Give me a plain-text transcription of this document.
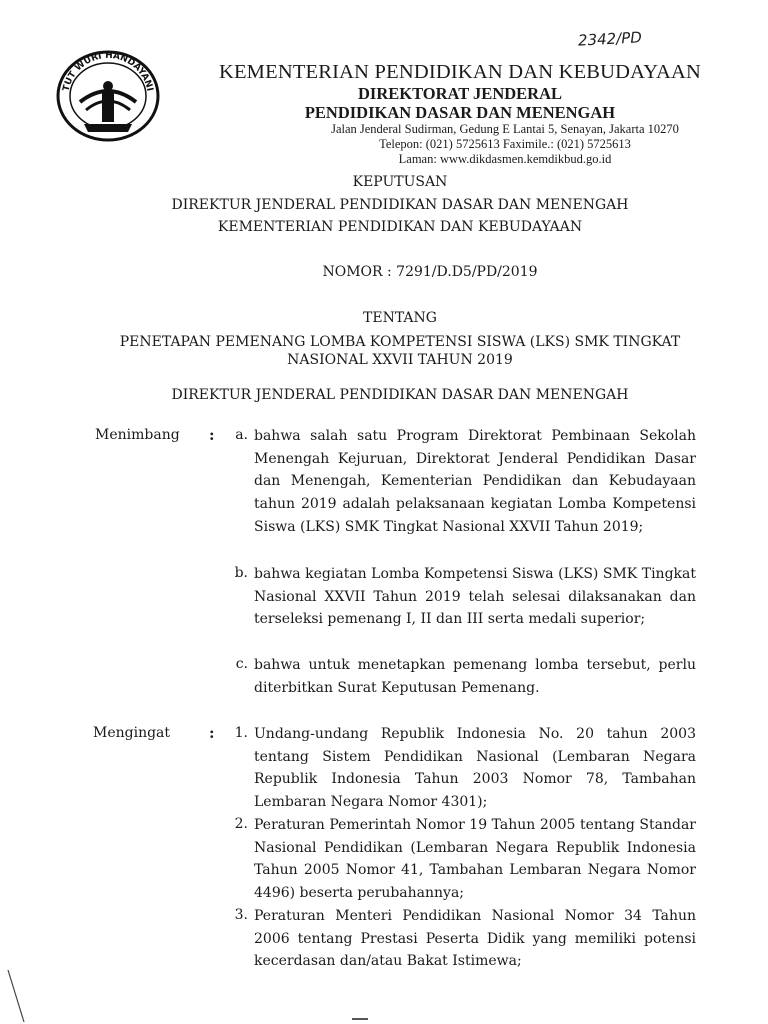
2342/PD
TUT WURI HANDAYANI
KEMENTERIAN PENDIDIKAN DAN KEBUDAYAAN
DIREKTORAT JENDERAL
PENDIDIKAN DASAR DAN MENENGAH
Jalan Jenderal Sudirman, Gedung E Lantai 5, Senayan, Jakarta 10270
Telepon: (021) 5725613 Faximile.: (021) 5725613
Laman: www.dikdasmen.kemdikbud.go.id
KEPUTUSAN
DIREKTUR JENDERAL PENDIDIKAN DASAR DAN MENENGAH
KEMENTERIAN PENDIDIKAN DAN KEBUDAYAAN
NOMOR : 7291/D.D5/PD/2019
TENTANG
PENETAPAN PEMENANG LOMBA KOMPETENSI SISWA (LKS) SMK TINGKAT
NASIONAL XXVII TAHUN 2019
DIREKTUR JENDERAL PENDIDIKAN DASAR DAN MENENGAH
Menimbang :	a. bahwa salah satu Program Direktorat Pembinaan Sekolah Menengah Kejuruan, Direktorat Jenderal Pendidikan Dasar dan Menengah, Kementerian Pendidikan dan Kebudayaan tahun 2019 adalah pelaksanaan kegiatan Lomba Kompetensi Siswa (LKS) SMK Tingkat Nasional XXVII Tahun 2019;
b. bahwa kegiatan Lomba Kompetensi Siswa (LKS) SMK Tingkat Nasional XXVII Tahun 2019 telah selesai dilaksanakan dan terseleksi pemenang I, II dan III serta medali superior;
c. bahwa untuk menetapkan pemenang lomba tersebut, perlu diterbitkan Surat Keputusan Pemenang.
Mengingat	:	1. Undang-undang Republik Indonesia No. 20 tahun 2003 tentang Sistem Pendidikan Nasional (Lembaran Negara Republik Indonesia Tahun 2003 Nomor 78, Tambahan Lembaran Negara Nomor 4301);
2. Peraturan Pemerintah Nomor 19 Tahun 2005 tentang Standar Nasional Pendidikan (Lembaran Negara Republik Indonesia Tahun 2005 Nomor 41, Tambahan Lembaran Negara Nomor 4496) beserta perubahannya;
3. Peraturan Menteri Pendidikan Nasional Nomor 34 Tahun 2006 tentang Prestasi Peserta Didik yang memiliki potensi kecerdasan dan/atau Bakat Istimewa;
